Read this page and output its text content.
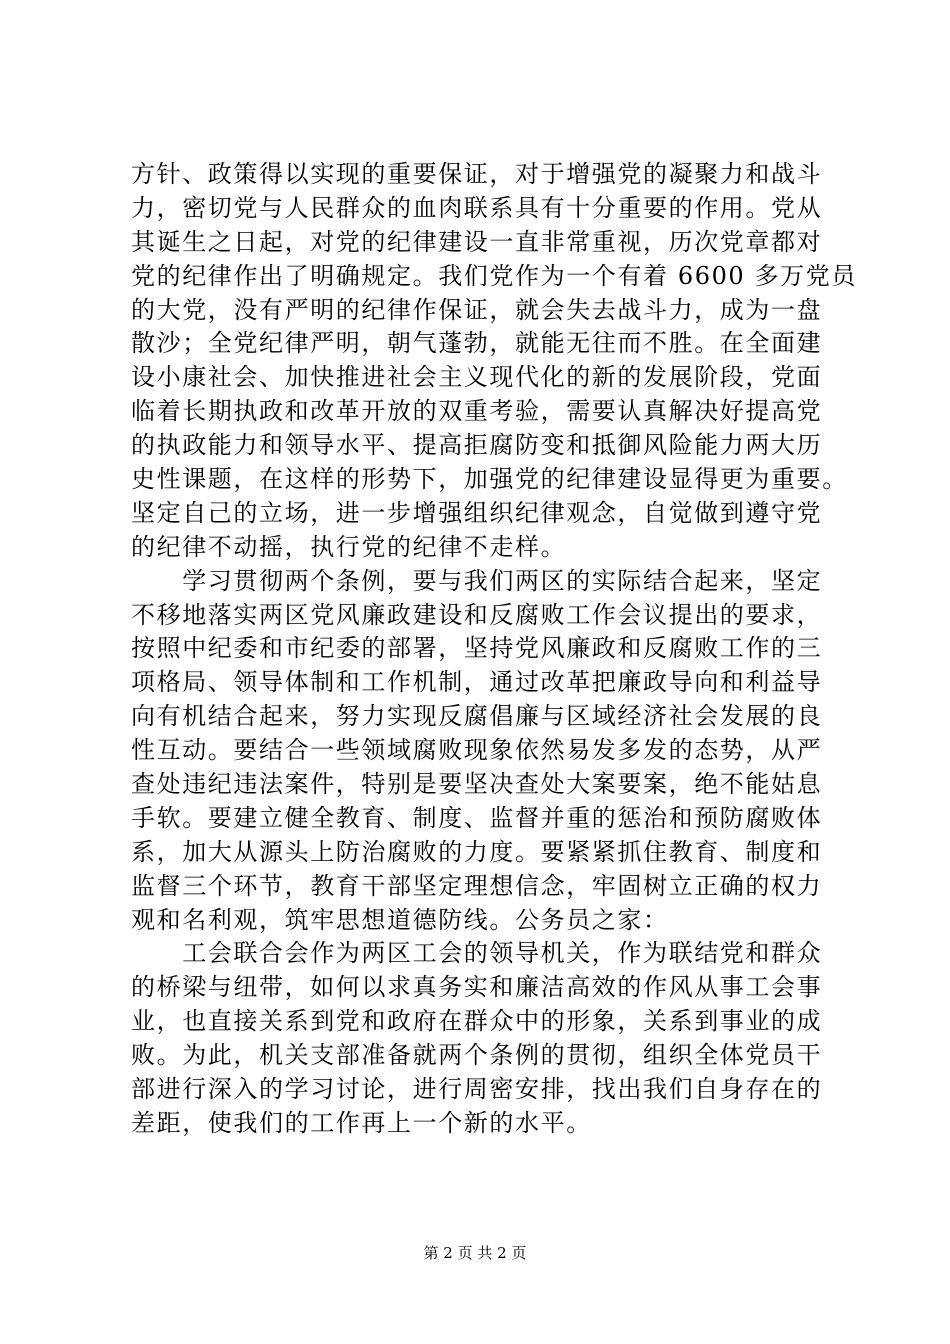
方针、政策得以实现的重要保证，对于增强党的凝聚力和战斗
力，密切党与人民群众的血肉联系具有十分重要的作用。党从
其诞生之日起，对党的纪律建设一直非常重视，历次党章都对
党的纪律作出了明确规定。我们党作为一个有着 6600 多万党员
的大党，没有严明的纪律作保证，就会失去战斗力，成为一盘
散沙；全党纪律严明，朝气蓬勃，就能无往而不胜。在全面建
设小康社会、加快推进社会主义现代化的新的发展阶段，党面
临着长期执政和改革开放的双重考验，需要认真解决好提高党
的执政能力和领导水平、提高拒腐防变和抵御风险能力两大历
史性课题，在这样的形势下，加强党的纪律建设显得更为重要。
坚定自己的立场，进一步增强组织纪律观念，自觉做到遵守党
的纪律不动摇，执行党的纪律不走样。
　　学习贯彻两个条例，要与我们两区的实际结合起来，坚定
不移地落实两区党风廉政建设和反腐败工作会议提出的要求，
按照中纪委和市纪委的部署，坚持党风廉政和反腐败工作的三
项格局、领导体制和工作机制，通过改革把廉政导向和利益导
向有机结合起来，努力实现反腐倡廉与区域经济社会发展的良
性互动。要结合一些领域腐败现象依然易发多发的态势，从严
查处违纪违法案件，特别是要坚决查处大案要案，绝不能姑息
手软。要建立健全教育、制度、监督并重的惩治和预防腐败体
系，加大从源头上防治腐败的力度。要紧紧抓住教育、制度和
监督三个环节，教育干部坚定理想信念，牢固树立正确的权力
观和名利观，筑牢思想道德防线。公务员之家：
　　工会联合会作为两区工会的领导机关，作为联结党和群众
的桥梁与纽带，如何以求真务实和廉洁高效的作风从事工会事
业，也直接关系到党和政府在群众中的形象，关系到事业的成
败。为此，机关支部准备就两个条例的贯彻，组织全体党员干
部进行深入的学习讨论，进行周密安排，找出我们自身存在的
差距，使我们的工作再上一个新的水平。
第 2 页 共 2 页
